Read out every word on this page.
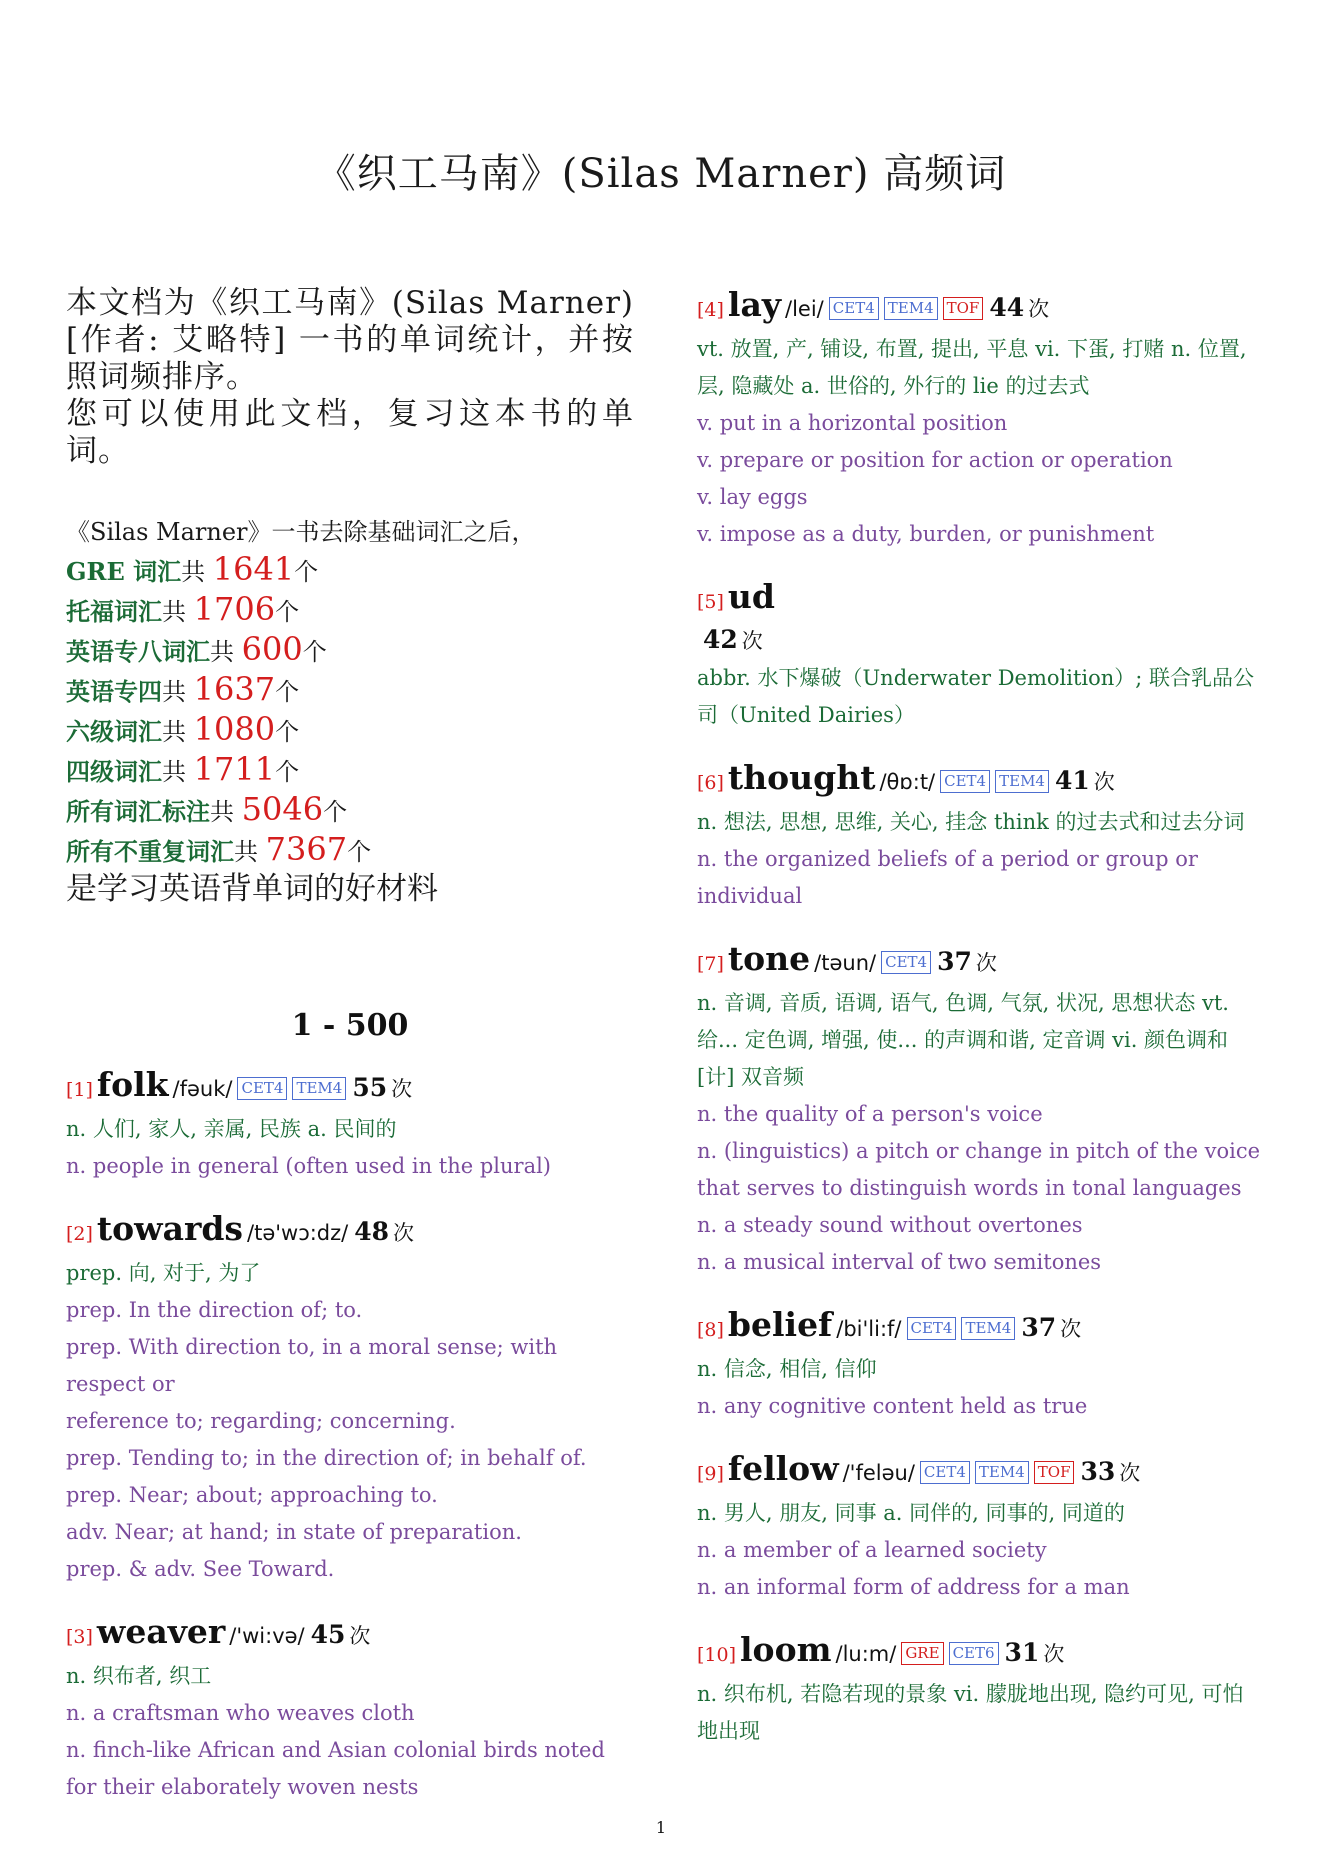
《织工马南》(Silas Marner) 高频词
本文档为《织工马南》(Silas Marner)[作者: 艾略特] 一书的单词统计，并按照词频排序。
您可以使用此文档，复习这本书的单词。
《Silas Marner》一书去除基础词汇之后，
GRE 词汇共 1641个
托福词汇共 1706个
英语专八词汇共 600个
英语专四共 1637个
六级词汇共 1080个
四级词汇共 1711个
所有词汇标注共 5046个
所有不重复词汇共 7367个
是学习英语背单词的好材料
1 - 500
[1] folk /fəuk/ CET4 TEM4 55 次
n. 人们, 家人, 亲属, 民族 a. 民间的
n. people in general (often used in the plural)
[2] towards /tə'wɔ:dz/ 48 次
prep. 向, 对于, 为了
prep. In the direction of; to.
prep. With direction to, in a moral sense; with respect or
reference to; regarding; concerning.
prep. Tending to; in the direction of; in behalf of.
prep. Near; about; approaching to.
adv. Near; at hand; in state of preparation.
prep. & adv. See Toward.
[3] weaver /'wi:və/ 45 次
n. 织布者, 织工
n. a craftsman who weaves cloth
n. finch-like African and Asian colonial birds noted for their elaborately woven nests
[4] lay /lei/ CET4 TEM4 TOF 44 次
vt. 放置, 产, 铺设, 布置, 提出, 平息 vi. 下蛋, 打赌 n. 位置, 层, 隐藏处 a. 世俗的, 外行的 lie 的过去式
v. put in a horizontal position
v. prepare or position for action or operation
v. lay eggs
v. impose as a duty, burden, or punishment
[5] ud
42 次
abbr. 水下爆破（Underwater Demolition）; 联合乳品公司（United Dairies）
[6] thought /θɒ:t/ CET4 TEM4 41 次
n. 想法, 思想, 思维, 关心, 挂念 think 的过去式和过去分词
n. the organized beliefs of a period or group or individual
[7] tone /təun/ CET4 37 次
n. 音调, 音质, 语调, 语气, 色调, 气氛, 状况, 思想状态 vt. 给... 定色调, 增强, 使... 的声调和谐, 定音调 vi. 颜色调和 [计] 双音频
n. the quality of a person's voice
n. (linguistics) a pitch or change in pitch of the voice that serves to distinguish words in tonal languages
n. a steady sound without overtones
n. a musical interval of two semitones
[8] belief /bi'li:f/ CET4 TEM4 37 次
n. 信念, 相信, 信仰
n. any cognitive content held as true
[9] fellow /'feləu/ CET4 TEM4 TOF 33 次
n. 男人, 朋友, 同事 a. 同伴的, 同事的, 同道的
n. a member of a learned society
n. an informal form of address for a man
[10] loom /lu:m/ GRE CET6 31 次
n. 织布机, 若隐若现的景象 vi. 朦胧地出现, 隐约可见, 可怕地出现
1
